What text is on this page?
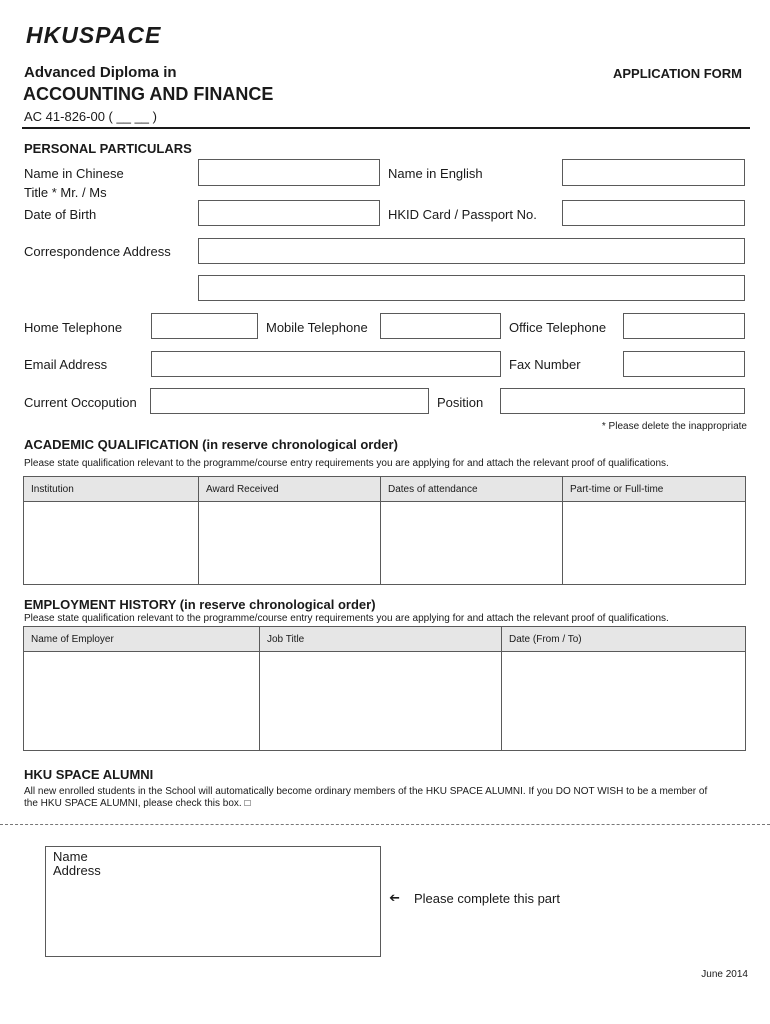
HKUSPACE
Advanced Diploma in	APPLICATION FORM
ACCOUNTING AND FINANCE
AC 41-826-00 ( __ __ )
PERSONAL PARTICULARS
Name in Chinese	Name in English
Title * Mr. / Ms
Date of Birth	HKID Card / Passport No.
Correspondence Address
Home Telephone	Mobile Telephone	Office Telephone
Email Address	Fax Number
Current Occopution	Position
* Please delete the inappropriate
ACADEMIC QUALIFICATION (in reserve chronological order)
Please state qualification relevant to the programme/course entry requirements you are applying for and attach the relevant proof of qualifications.
Institution	Award Received	Dates of attendance	Part-time or Full-time

EMPLOYMENT HISTORY (in reserve chronological order)
Please state qualification relevant to the programme/course entry requirements you are applying for and attach the relevant proof of qualifications.
Name of Employer	Job Title	Date (From / To)

HKU SPACE ALUMNI
All new enrolled students in the School will automatically become ordinary members of the HKU SPACE ALUMNI. If you DO NOT WISH to be a member of
the HKU SPACE ALUMNI, please check this box. □
Name
Address
➔ Please complete this part
June 2014
